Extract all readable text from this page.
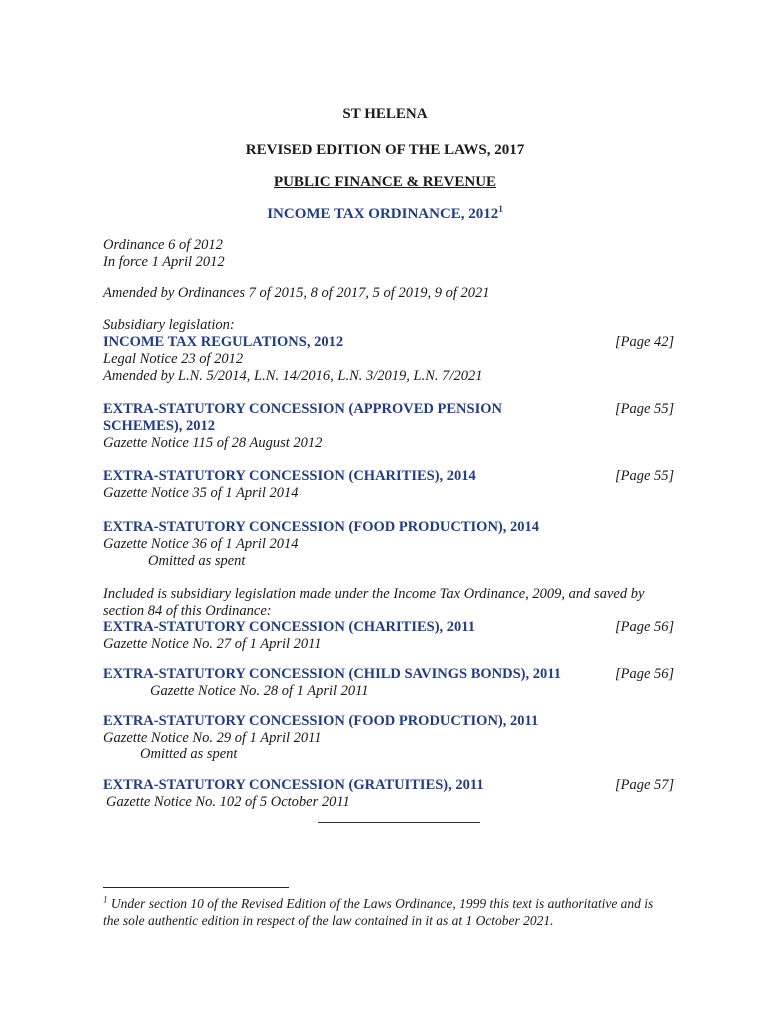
ST HELENA
REVISED EDITION OF THE LAWS, 2017
PUBLIC FINANCE & REVENUE
INCOME TAX ORDINANCE, 2012$^1$
Ordinance 6 of 2012
In force 1 April 2012
Amended by Ordinances 7 of 2015, 8 of 2017, 5 of 2019, 9 of 2021
Subsidiary legislation:
INCOME TAX REGULATIONS, 2012	[Page 42]
Legal Notice 23 of 2012
Amended by L.N. 5/2014, L.N. 14/2016, L.N. 3/2019, L.N. 7/2021
EXTRA-STATUTORY CONCESSION (APPROVED PENSION	[Page 55]
SCHEMES), 2012
Gazette Notice 115 of 28 August 2012
EXTRA-STATUTORY CONCESSION (CHARITIES), 2014	[Page 55]
Gazette Notice 35 of 1 April 2014
EXTRA-STATUTORY CONCESSION (FOOD PRODUCTION), 2014
Gazette Notice 36 of 1 April 2014
Omitted as spent
Included is subsidiary legislation made under the Income Tax Ordinance, 2009, and saved by
section 84 of this Ordinance:
EXTRA-STATUTORY CONCESSION (CHARITIES), 2011	[Page 56]
Gazette Notice No. 27 of 1 April 2011
EXTRA-STATUTORY CONCESSION (CHILD SAVINGS BONDS), 2011	[Page 56]
Gazette Notice No. 28 of 1 April 2011
EXTRA-STATUTORY CONCESSION (FOOD PRODUCTION), 2011
Gazette Notice No. 29 of 1 April 2011
Omitted as spent
EXTRA-STATUTORY CONCESSION (GRATUITIES), 2011	[Page 57]
Gazette Notice No. 102 of 5 October 2011
$^1$ Under section 10 of the Revised Edition of the Laws Ordinance, 1999 this text is authoritative and is
the sole authentic edition in respect of the law contained in it as at 1 October 2021.
